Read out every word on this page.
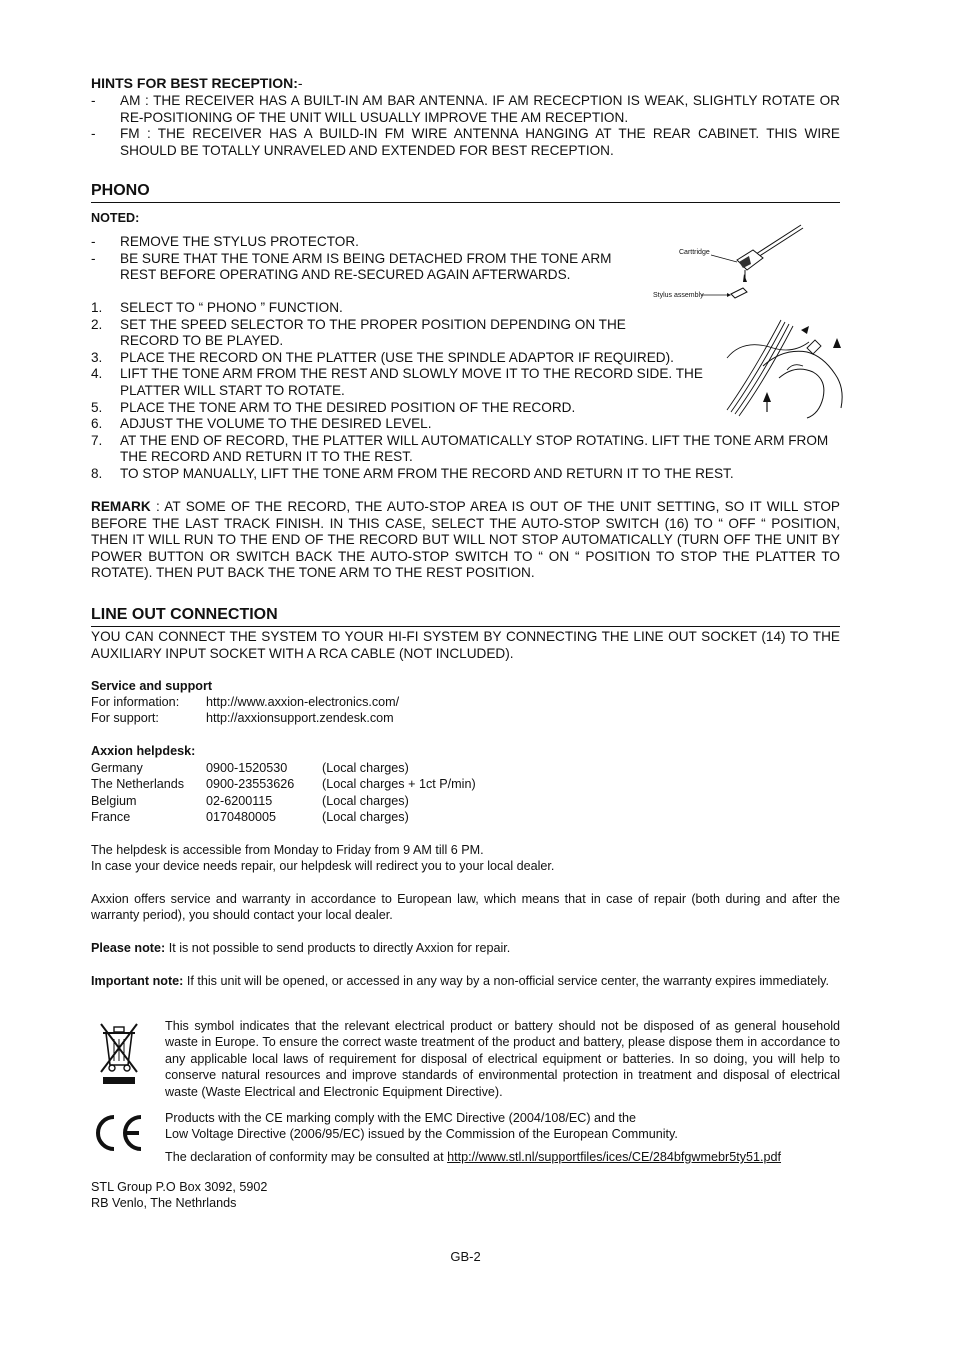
HINTS FOR BEST RECEPTION:-
- AM : THE RECEIVER HAS A BUILT-IN AM BAR ANTENNA. IF AM RECECPTION IS WEAK, SLIGHTLY ROTATE OR RE-POSITIONING OF THE UNIT WILL USUALLY IMPROVE THE AM RECEPTION.
- FM : THE RECEIVER HAS A BUILD-IN FM WIRE ANTENNA HANGING AT THE REAR CABINET. THIS WIRE SHOULD BE TOTALLY UNRAVELED AND EXTENDED FOR BEST RECEPTION.
PHONO
NOTED:
- REMOVE THE STYLUS PROTECTOR.
- BE SURE THAT THE TONE ARM IS BEING DETACHED FROM THE TONE ARM REST BEFORE OPERATING AND RE-SECURED AGAIN AFTERWARDS.
Carttridge
Stylus assembly
1. SELECT TO “ PHONO ” FUNCTION.
2. SET THE SPEED SELECTOR TO THE PROPER POSITION DEPENDING ON THE RECORD TO BE PLAYED.
3. PLACE THE RECORD ON THE PLATTER (USE THE SPINDLE ADAPTOR IF REQUIRED).
4. LIFT THE TONE ARM FROM THE REST AND SLOWLY MOVE IT TO THE RECORD SIDE. THE PLATTER WILL START TO ROTATE.
5. PLACE THE TONE ARM TO THE DESIRED POSITION OF THE RECORD.
6. ADJUST THE VOLUME TO THE DESIRED LEVEL.
7. AT THE END OF RECORD, THE PLATTER WILL AUTOMATICALLY STOP ROTATING. LIFT THE TONE ARM FROM THE RECORD AND RETURN IT TO THE REST.
8. TO STOP MANUALLY, LIFT THE TONE ARM FROM THE RECORD AND RETURN IT TO THE REST.
REMARK : AT SOME OF THE RECORD, THE AUTO-STOP AREA IS OUT OF THE UNIT SETTING, SO IT WILL STOP BEFORE THE LAST TRACK FINISH. IN THIS CASE, SELECT THE AUTO-STOP SWITCH (16) TO “ OFF “ POSITION, THEN IT WILL RUN TO THE END OF THE RECORD BUT WILL NOT STOP AUTOMATICALLY (TURN OFF THE UNIT BY POWER BUTTON OR SWITCH BACK THE AUTO-STOP SWITCH TO “ ON “ POSITION TO STOP THE PLATTER TO ROTATE). THEN PUT BACK THE TONE ARM TO THE REST POSITION.
LINE OUT CONNECTION
YOU CAN CONNECT THE SYSTEM TO YOUR HI-FI SYSTEM BY CONNECTING THE LINE OUT SOCKET (14) TO THE AUXILIARY INPUT SOCKET WITH A RCA CABLE (NOT INCLUDED).
Service and support
For information:	http://www.axxion-electronics.com/
For support:	http://axxionsupport.zendesk.com
Axxion helpdesk:
Germany	0900-1520530	(Local charges)
The Netherlands	0900-23553626	(Local charges + 1ct P/min)
Belgium	02-6200115	(Local charges)
France	0170480005	(Local charges)
The helpdesk is accessible from Monday to Friday from 9 AM till 6 PM.
In case your device needs repair, our helpdesk will redirect you to your local dealer.
Axxion offers service and warranty in accordance to European law, which means that in case of repair (both during and after the warranty period), you should contact your local dealer.
Please note: It is not possible to send products to directly Axxion for repair.
Important note: If this unit will be opened, or accessed in any way by a non-official service center, the warranty expires immediately.
This symbol indicates that the relevant electrical product or battery should not be disposed of as general household waste in Europe. To ensure the correct waste treatment of the product and battery, please dispose them in accordance to any applicable local laws of requirement for disposal of electrical equipment or batteries. In so doing, you will help to conserve natural resources and improve standards of environmental protection in treatment and disposal of electrical waste (Waste Electrical and Electronic Equipment Directive).
Products with the CE marking comply with the EMC Directive (2004/108/EC) and the
Low Voltage Directive (2006/95/EC) issued by the Commission of the European Community.
The declaration of conformity may be consulted at http://www.stl.nl/supportfiles/ices/CE/284bfgwmebr5ty51.pdf
STL Group P.O Box 3092, 5902
RB Venlo, The Nethrlands
GB-2
